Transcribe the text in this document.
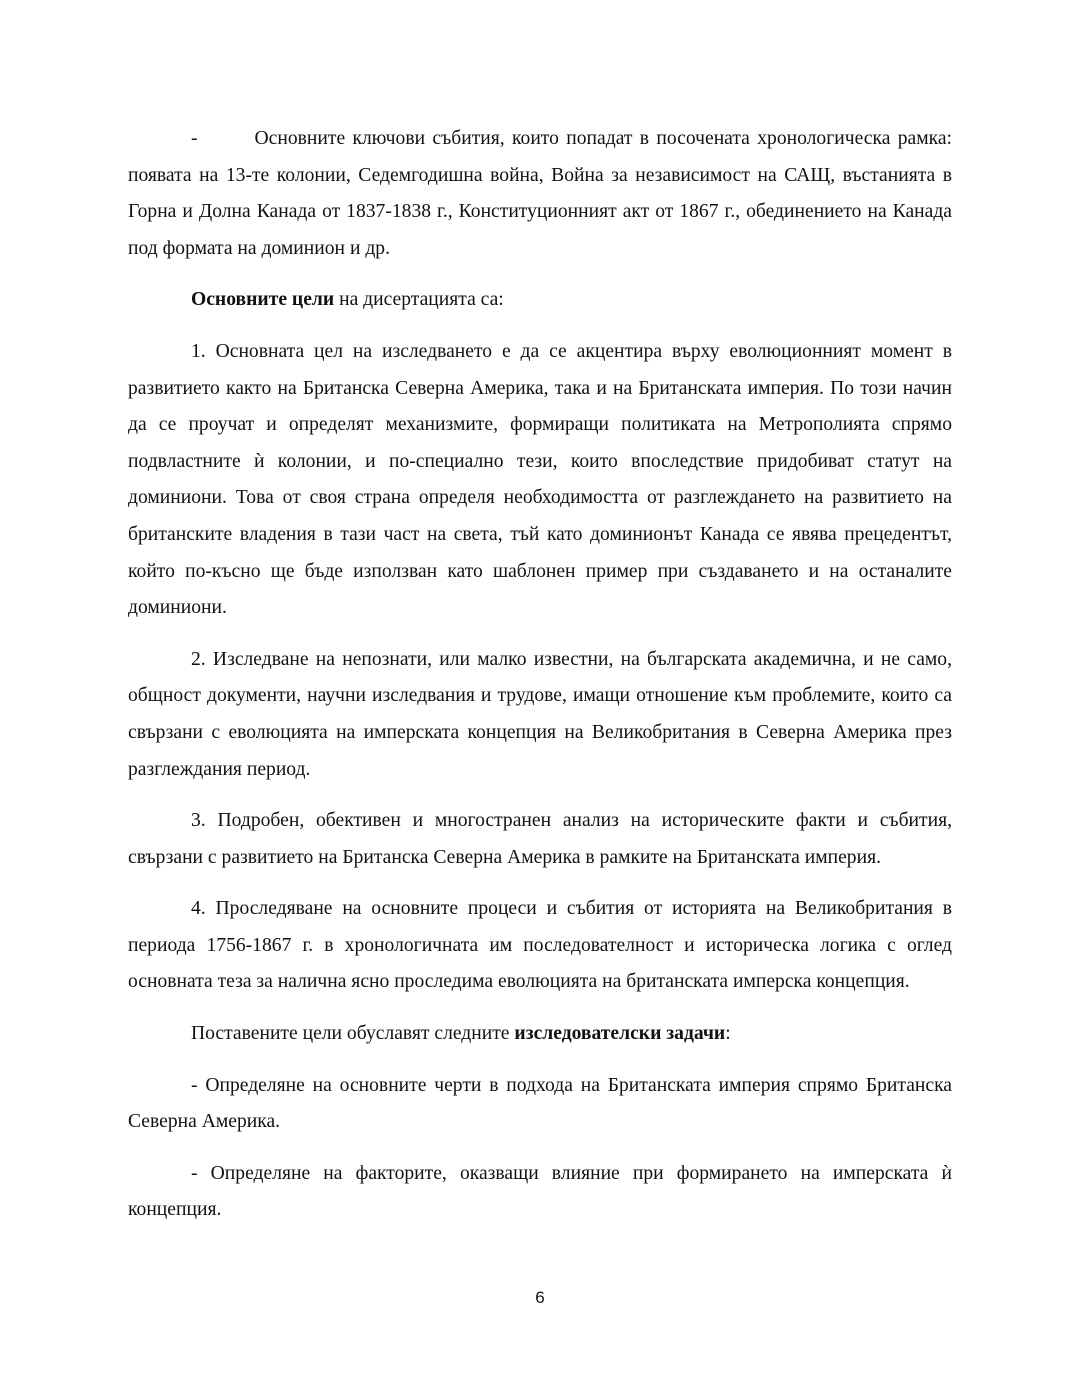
-	Основните ключови събития, които попадат в посочената хронологическа рамка: появата на 13-те колонии, Седемгодишна война, Война за независимост на САЩ, въстанията в Горна и Долна Канада от 1837-1838 г., Конституционният акт от 1867 г., обединението на Канада под формата на доминион и др.

Основните цели на дисертацията са:

1. Основната цел на изследването е да се акцентира върху еволюционният момент в развитието както на Британска Северна Америка, така и на Британската империя. По този начин да се проучат и определят механизмите, формиращи политиката на Метрополията спрямо подвластните ѝ колонии, и по-специално тези, които впоследствие придобиват статут на доминиони. Това от своя страна определя необходимостта от разглеждането на развитието на британските владения в тази част на света, тъй като доминионът Канада се явява прецедентът, който по-късно ще бъде използван като шаблонен пример при създаването и на останалите доминиони.

2. Изследване на непознати, или малко известни, на българската академична, и не само, общност документи, научни изследвания и трудове, имащи отношение към проблемите, които са свързани с еволюцията на имперската концепция на Великобритания в Северна Америка през разглеждания период.

3. Подробен, обективен и многостранен анализ на историческите факти и събития, свързани с развитието на Британска Северна Америка в рамките на Британската империя.

4. Проследяване на основните процеси и събития от историята на Великобритания в периода 1756-1867 г. в хронологичната им последователност и историческа логика с оглед основната теза за налична ясно проследима еволюцията на британската имперска концепция.

Поставените цели обуславят следните изследователски задачи:

- Определяне на основните черти в подхода на Британската империя спрямо Британска Северна Америка.

- Определяне на факторите, оказващи влияние при формирането на имперската ѝ концепция.

6
